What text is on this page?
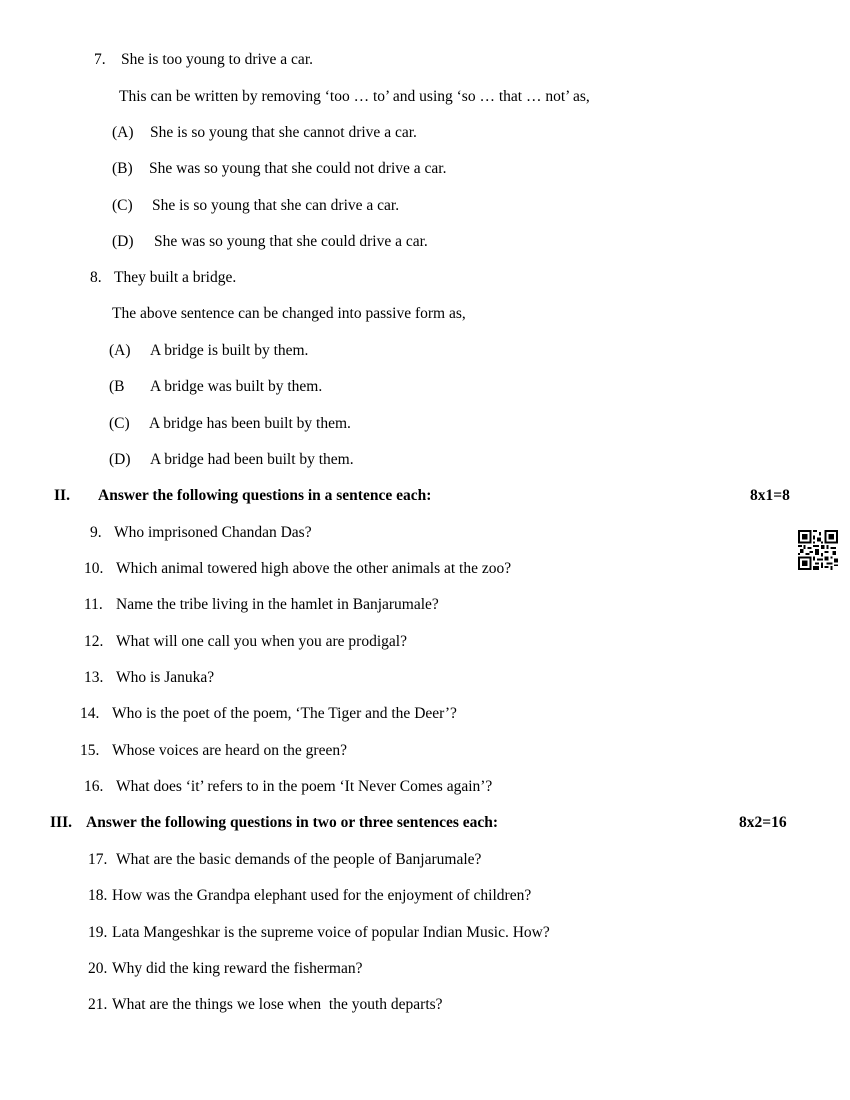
7. She is too young to drive a car.
This can be written by removing ‘too … to’ and using ‘so … that … not’ as,
(A) She is so young that she cannot drive a car.
(B) She was so young that she could not drive a car.
(C) She is so young that she can drive a car.
(D) She was so young that she could drive a car.
8. They built a bridge.
The above sentence can be changed into passive form as,
(A) A bridge is built by them.
(B A bridge was built by them.
(C) A bridge has been built by them.
(D) A bridge had been built by them.
II. Answer the following questions in a sentence each:	8x1=8
9. Who imprisoned Chandan Das?
10. Which animal towered high above the other animals at the zoo?
11. Name the tribe living in the hamlet in Banjarumale?
12. What will one call you when you are prodigal?
13. Who is Januka?
14. Who is the poet of the poem, ‘The Tiger and the Deer’?
15. Whose voices are heard on the green?
16. What does ‘it’ refers to in the poem ‘It Never Comes again’?
III. Answer the following questions in two or three sentences each:	8x2=16
17. What are the basic demands of the people of Banjarumale?
18. How was the Grandpa elephant used for the enjoyment of children?
19. Lata Mangeshkar is the supreme voice of popular Indian Music. How?
20. Why did the king reward the fisherman?
21. What are the things we lose when  the youth departs?
